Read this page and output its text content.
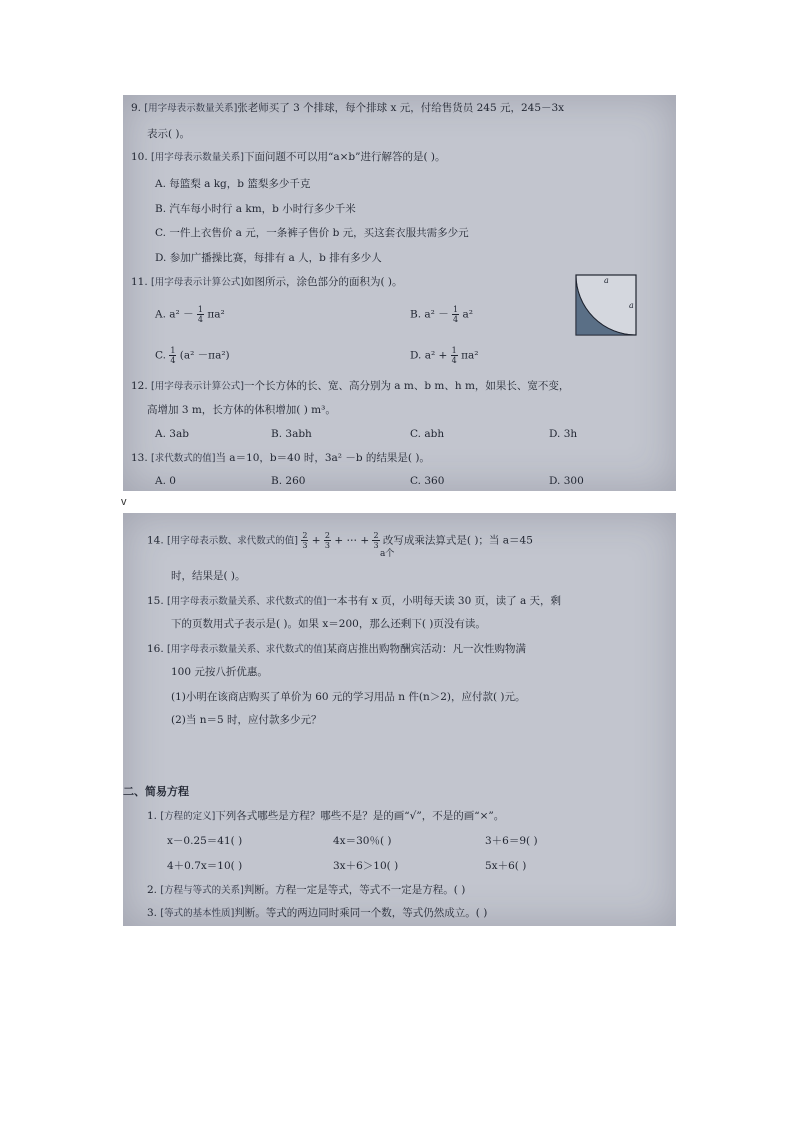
9. [用字母表示数量关系]张老师买了 3 个排球，每个排球 x 元，付给售货员 245 元，245－3x
表示( )。
10. [用字母表示数量关系]下面问题不可以用“a×b”进行解答的是( )。
A. 每篮梨 a kg，b 篮梨多少千克
B. 汽车每小时行 a km，b 小时行多少千米
C. 一件上衣售价 a 元，一条裤子售价 b 元，买这套衣服共需多少元
D. 参加广播操比赛，每排有 a 人，b 排有多少人
11. [用字母表示计算公式]如图所示，涂色部分的面积为( )。
A. $a^2 - \frac{1}{4} \pi a^2$	B. $a^2 - \frac{1}{4} a^2$
C. $\frac{1}{4} (a^2 -\pi a^2)$	D. $a^2 + \frac{1}{4} \pi a^2$
12. [用字母表示计算公式]一个长方体的长、宽、高分别为 a m、b m、h m，如果长、宽不变，
高增加 3 m，长方体的体积增加( ) m³。
A. 3ab	B. 3abh	C. abh	D. 3h
13. [求代数式的值]当 a＝10，b＝40 时，3a² －b 的结果是( )。
A. 0	B. 260	C. 360	D. 300
a
a
v
14. [用字母表示数、求代数式的值] $\frac{2}{3} + \frac{2}{3}$ + ⋯ + $\frac{2}{3}$ 改写成乘法算式是( )；当 a＝45
a个
时，结果是( )。
15. [用字母表示数量关系、求代数式的值]一本书有 x 页，小明每天读 30 页，读了 a 天，剩
下的页数用式子表示是( )。如果 x＝200，那么还剩下( )页没有读。
16. [用字母表示数量关系、求代数式的值]某商店推出购物酬宾活动：凡一次性购物满
100 元按八折优惠。
(1)小明在该商店购买了单价为 60 元的学习用品 n 件(n＞2)，应付款( )元。
(2)当 n＝5 时，应付款多少元？
二、简易方程
1. [方程的定义]下列各式哪些是方程？哪些不是？是的画“√”，不是的画“×”。
x－0.25＝41( )	4x＝30％( )	3＋6＝9( )
4＋0.7x＝10( )	3x＋6＞10( )	5x＋6( )
2. [方程与等式的关系]判断。方程一定是等式，等式不一定是方程。( )
3. [等式的基本性质]判断。等式的两边同时乘同一个数，等式仍然成立。( )
